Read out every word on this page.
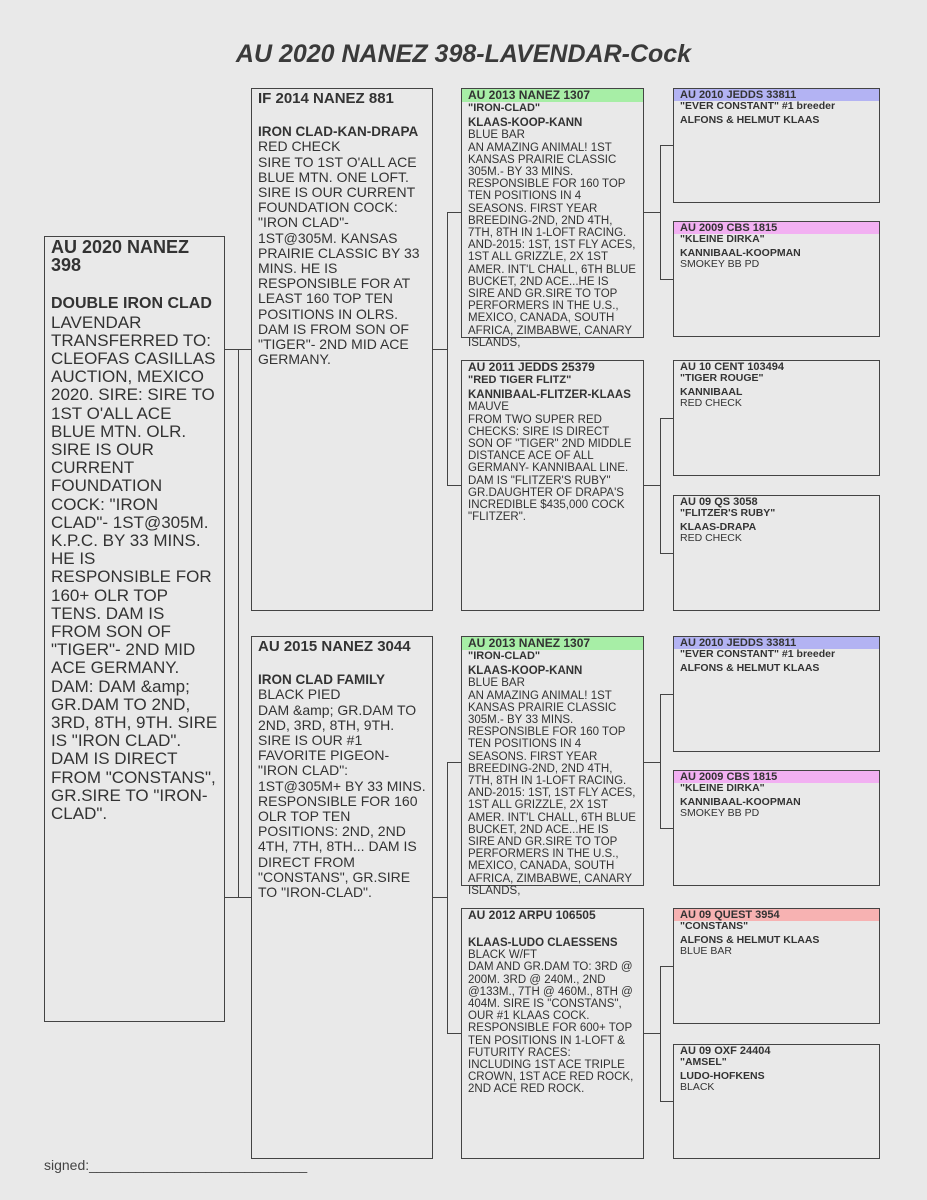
AU 2020 NANEZ 398-LAVENDAR-Cock
AU 2020 NANEZ 398
DOUBLE IRON CLAD
LAVENDAR
TRANSFERRED TO: CLEOFAS CASILLAS AUCTION, MEXICO 2020. SIRE: SIRE TO 1ST O'ALL ACE BLUE MTN. OLR. SIRE IS OUR CURRENT FOUNDATION COCK: "IRON CLAD"- 1ST@305M. K.P.C. BY 33 MINS. HE IS RESPONSIBLE FOR 160+ OLR TOP TENS. DAM IS FROM SON OF "TIGER"- 2ND MID ACE GERMANY. DAM: DAM &amp; GR.DAM TO 2ND, 3RD, 8TH, 9TH. SIRE IS "IRON CLAD". DAM IS DIRECT FROM "CONSTANS", GR.SIRE TO "IRON-CLAD".
IF 2014 NANEZ 881
IRON CLAD-KAN-DRAPA
RED CHECK
SIRE TO 1ST O'ALL ACE BLUE MTN. ONE LOFT. SIRE IS OUR CURRENT FOUNDATION COCK: "IRON CLAD"- 1ST@305M. KANSAS PRAIRIE CLASSIC BY 33 MINS. HE IS RESPONSIBLE FOR AT LEAST 160 TOP TEN POSITIONS IN OLRS. DAM IS FROM SON OF "TIGER"- 2ND MID ACE GERMANY.
AU 2015 NANEZ 3044
IRON CLAD FAMILY
BLACK PIED
DAM &amp; GR.DAM TO 2ND, 3RD, 8TH, 9TH. SIRE IS OUR #1 FAVORITE PIGEON- "IRON CLAD": 1ST@305M+ BY 33 MINS. RESPONSIBLE FOR 160 OLR TOP TEN POSITIONS: 2ND, 2ND 4TH, 7TH, 8TH... DAM IS DIRECT FROM "CONSTANS", GR.SIRE TO "IRON-CLAD".
AU 2013 NANEZ 1307
"IRON-CLAD"
KLAAS-KOOP-KANN
BLUE BAR
AN AMAZING ANIMAL! 1ST KANSAS PRAIRIE CLASSIC 305M.- BY 33 MINS. RESPONSIBLE FOR 160 TOP TEN POSITIONS IN 4 SEASONS. FIRST YEAR BREEDING-2ND, 2ND 4TH, 7TH, 8TH IN 1-LOFT RACING. AND-2015: 1ST, 1ST FLY ACES, 1ST ALL GRIZZLE, 2X 1ST AMER. INT'L CHALL, 6TH BLUE BUCKET, 2ND ACE...HE IS SIRE AND GR.SIRE TO TOP PERFORMERS IN THE U.S., MEXICO, CANADA, SOUTH AFRICA, ZIMBABWE, CANARY ISLANDS,
AU 2011 JEDDS 25379
"RED TIGER FLITZ"
KANNIBAAL-FLITZER-KLAAS
MAUVE
FROM TWO SUPER RED CHECKS: SIRE IS DIRECT SON OF "TIGER" 2ND MIDDLE DISTANCE ACE OF ALL GERMANY- KANNIBAAL LINE. DAM IS "FLITZER'S RUBY" GR.DAUGHTER OF DRAPA'S INCREDIBLE $435,000 COCK "FLITZER".
AU 2013 NANEZ 1307
"IRON-CLAD"
KLAAS-KOOP-KANN
BLUE BAR
AN AMAZING ANIMAL! 1ST KANSAS PRAIRIE CLASSIC 305M.- BY 33 MINS. RESPONSIBLE FOR 160 TOP TEN POSITIONS IN 4 SEASONS. FIRST YEAR BREEDING-2ND, 2ND 4TH, 7TH, 8TH IN 1-LOFT RACING. AND-2015: 1ST, 1ST FLY ACES, 1ST ALL GRIZZLE, 2X 1ST AMER. INT'L CHALL, 6TH BLUE BUCKET, 2ND ACE...HE IS SIRE AND GR.SIRE TO TOP PERFORMERS IN THE U.S., MEXICO, CANADA, SOUTH AFRICA, ZIMBABWE, CANARY ISLANDS,
AU 2012 ARPU 106505
KLAAS-LUDO CLAESSENS
BLACK W/FT
DAM AND GR.DAM TO: 3RD @ 200M. 3RD @ 240M., 2ND @133M., 7TH @ 460M., 8TH @ 404M. SIRE IS "CONSTANS", OUR #1 KLAAS COCK. RESPONSIBLE FOR 600+ TOP TEN POSITIONS IN 1-LOFT & FUTURITY RACES: INCLUDING 1ST ACE TRIPLE CROWN, 1ST ACE RED ROCK, 2ND ACE RED ROCK.
AU 2010 JEDDS 33811
"EVER CONSTANT" #1 breeder
ALFONS & HELMUT KLAAS
AU 2009 CBS 1815
"KLEINE DIRKA"
KANNIBAAL-KOOPMAN
SMOKEY BB PD
AU 10 CENT 103494
"TIGER ROUGE"
KANNIBAAL
RED CHECK
AU 09 QS 3058
"FLITZER'S RUBY"
KLAAS-DRAPA
RED CHECK
AU 2010 JEDDS 33811
"EVER CONSTANT" #1 breeder
ALFONS & HELMUT KLAAS
AU 2009 CBS 1815
"KLEINE DIRKA"
KANNIBAAL-KOOPMAN
SMOKEY BB PD
AU 09 QUEST 3954
"CONSTANS"
ALFONS & HELMUT KLAAS
BLUE BAR
AU 09 OXF 24404
"AMSEL"
LUDO-HOFKENS
BLACK
signed:____________________________
